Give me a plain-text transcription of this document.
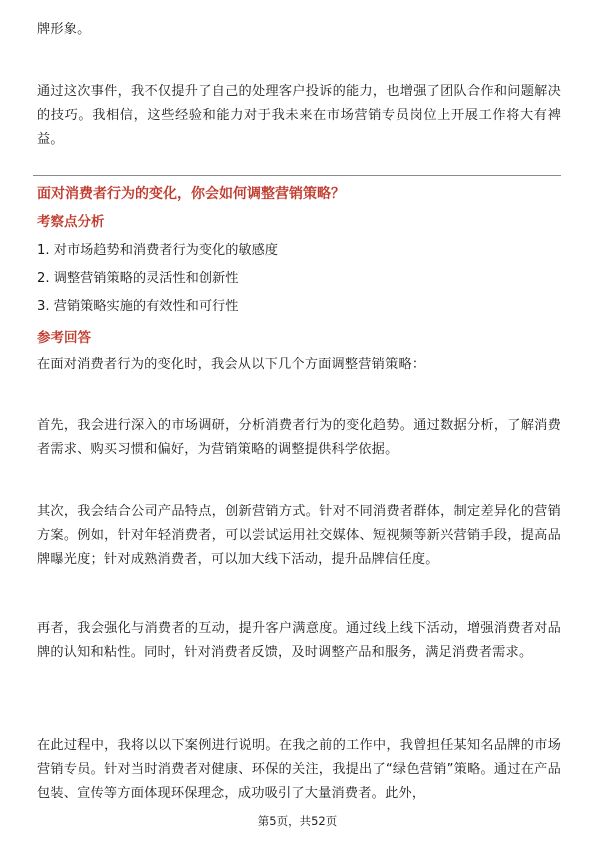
牌形象。

通过这次事件，我不仅提升了自己的处理客户投诉的能力，也增强了团队合作和问题解决的技巧。我相信，这些经验和能力对于我未来在市场营销专员岗位上开展工作将大有裨益。

面对消费者行为的变化，你会如何调整营销策略？

考察点分析

1. 对市场趋势和消费者行为变化的敏感度

2. 调整营销策略的灵活性和创新性

3. 营销策略实施的有效性和可行性

参考回答

在面对消费者行为的变化时，我会从以下几个方面调整营销策略：

首先，我会进行深入的市场调研，分析消费者行为的变化趋势。通过数据分析，了解消费者需求、购买习惯和偏好，为营销策略的调整提供科学依据。

其次，我会结合公司产品特点，创新营销方式。针对不同消费者群体，制定差异化的营销方案。例如，针对年轻消费者，可以尝试运用社交媒体、短视频等新兴营销手段，提高品牌曝光度；针对成熟消费者，可以加大线下活动，提升品牌信任度。

再者，我会强化与消费者的互动，提升客户满意度。通过线上线下活动，增强消费者对品牌的认知和粘性。同时，针对消费者反馈，及时调整产品和服务，满足消费者需求。

在此过程中，我将以以下案例进行说明。在我之前的工作中，我曾担任某知名品牌的市场营销专员。针对当时消费者对健康、环保的关注，我提出了“绿色营销”策略。通过在产品包装、宣传等方面体现环保理念，成功吸引了大量消费者。此外，

第5页，共52页
